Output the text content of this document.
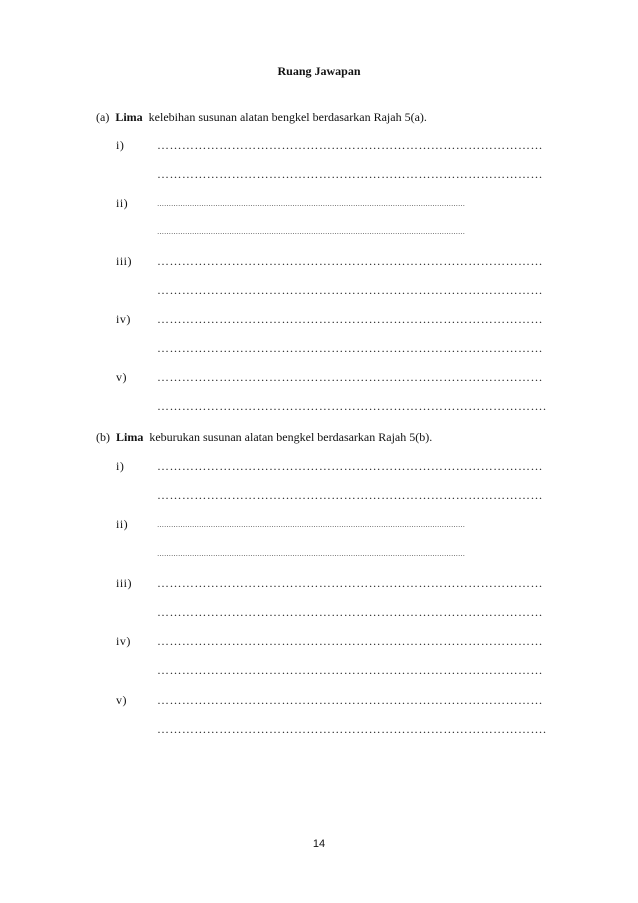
Ruang Jawapan
(a) Lima kelebihan susunan alatan bengkel berdasarkan Rajah 5(a).
i)	…………………………………………………………………………………
…………………………………………………………………………………
ii)	……………………………………………………………………………………………………………………
……………………………………………………………………………………………………………………
iii) …………………………………………………………………………………
…………………………………………………………………………………
iv) …………………………………………………………………………………
…………………………………………………………………………………
v)	…………………………………………………………………………………
………………………………………………………………………………….
(b) Lima keburukan susunan alatan bengkel berdasarkan Rajah 5(b).
i)	…………………………………………………………………………………
…………………………………………………………………………………
ii)	……………………………………………………………………………………………………………………
……………………………………………………………………………………………………………………
iii) …………………………………………………………………………………
…………………………………………………………………………………
iv) …………………………………………………………………………………
…………………………………………………………………………………
v)	…………………………………………………………………………………
………………………………………………………………………………….
14
